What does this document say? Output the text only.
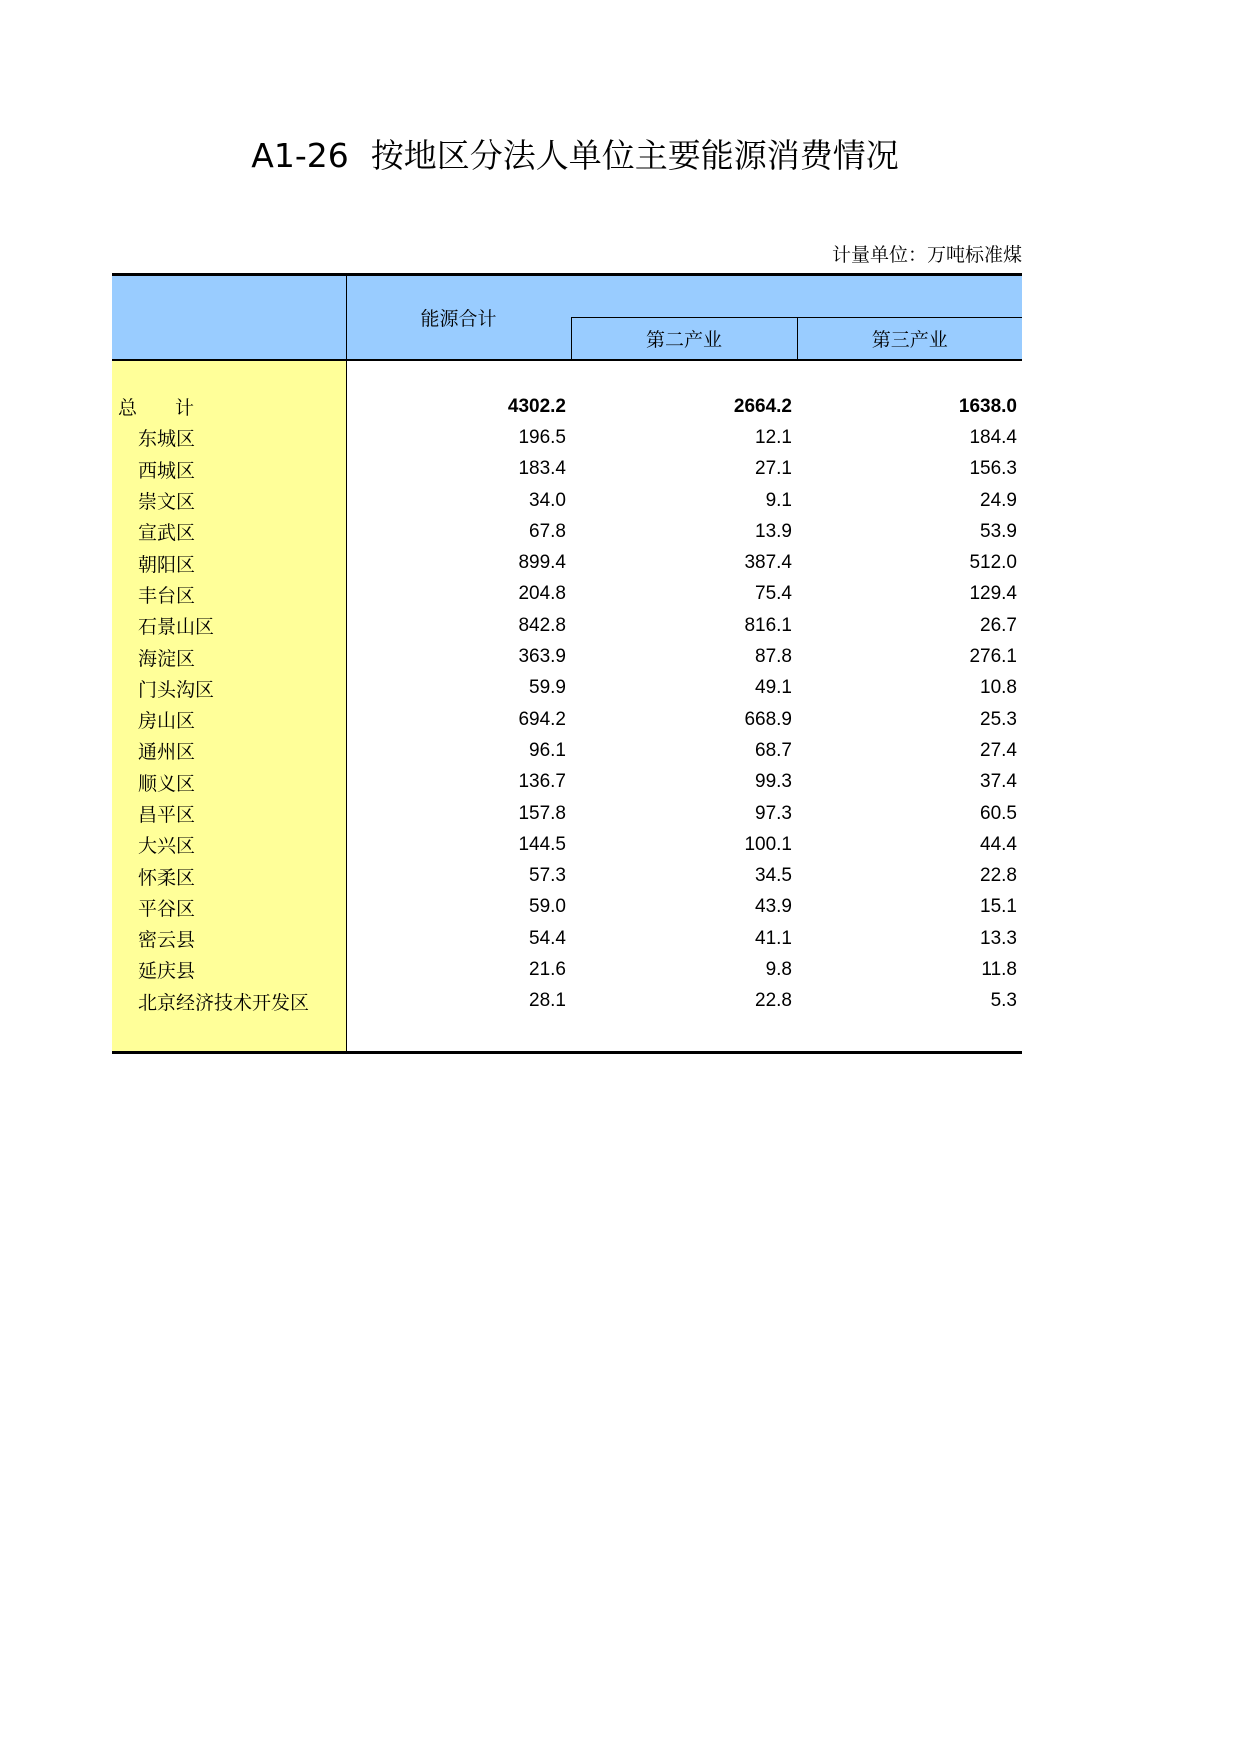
A1-26 按地区分法人单位主要能源消费情况
计量单位：万吨标准煤
	能源合计		
		第二产业	第三产业

总　　计	4302.2	2664.2	1638.0
东城区	196.5	12.1	184.4
西城区	183.4	27.1	156.3
崇文区	34.0	9.1	24.9
宣武区	67.8	13.9	53.9
朝阳区	899.4	387.4	512.0
丰台区	204.8	75.4	129.4
石景山区	842.8	816.1	26.7
海淀区	363.9	87.8	276.1
门头沟区	59.9	49.1	10.8
房山区	694.2	668.9	25.3
通州区	96.1	68.7	27.4
顺义区	136.7	99.3	37.4
昌平区	157.8	97.3	60.5
大兴区	144.5	100.1	44.4
怀柔区	57.3	34.5	22.8
平谷区	59.0	43.9	15.1
密云县	54.4	41.1	13.3
延庆县	21.6	9.8	11.8
北京经济技术开发区	28.1	22.8	5.3
